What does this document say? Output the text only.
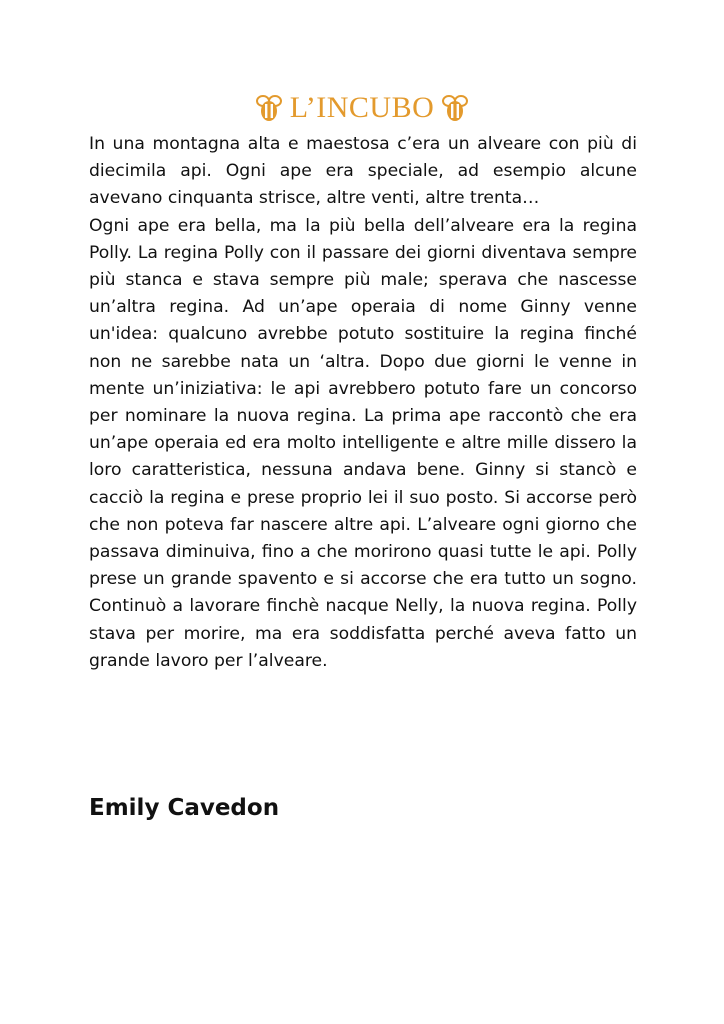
L’INCUBO

In una montagna alta e maestosa c’era un alveare con più di diecimila api. Ogni ape era speciale, ad esempio alcune avevano cinquanta strisce, altre venti, altre trenta…

Ogni ape era bella, ma la più bella dell’alveare era la regina Polly. La regina Polly con il passare dei giorni diventava sempre più stanca e stava sempre più male; sperava che nascesse un’altra regina. Ad un’ape operaia di nome Ginny venne un'idea: qualcuno avrebbe potuto sostituire la regina finché non ne sarebbe nata un ‘altra. Dopo due giorni le venne in mente un’iniziativa: le api avrebbero potuto fare un concorso per nominare la nuova regina. La prima ape raccontò che era un’ape operaia ed era molto intelligente e altre mille dissero la loro caratteristica, nessuna andava bene. Ginny si stancò e cacciò la regina e prese proprio lei il suo posto. Si accorse però che non poteva far nascere altre api. L’alveare ogni giorno che passava diminuiva, fino a che morirono quasi tutte le api. Polly prese un grande spavento e si accorse che era tutto un sogno. Continuò a lavorare finchè nacque Nelly, la nuova regina. Polly stava per morire, ma era soddisfatta perché aveva fatto un grande lavoro per l’alveare.

Emily Cavedon
